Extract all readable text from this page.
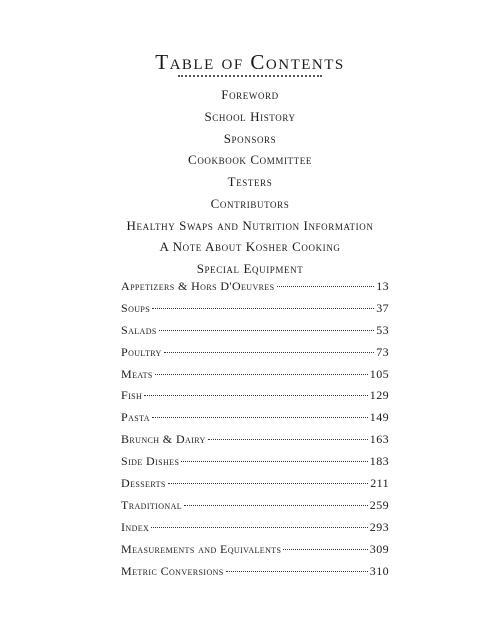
Table of Contents
Foreword
School History
Sponsors
Cookbook Committee
Testers
Contributors
Healthy Swaps and Nutrition Information
A Note About Kosher Cooking
Special Equipment
Appetizers & Hors D'Oeuvres	13
Soups	37
Salads	53
Poultry	73
Meats	105
Fish	129
Pasta	149
Brunch & Dairy	163
Side Dishes	183
Desserts	211
Traditional	259
Index	293
Measurements and Equivalents	309
Metric Conversions	310
